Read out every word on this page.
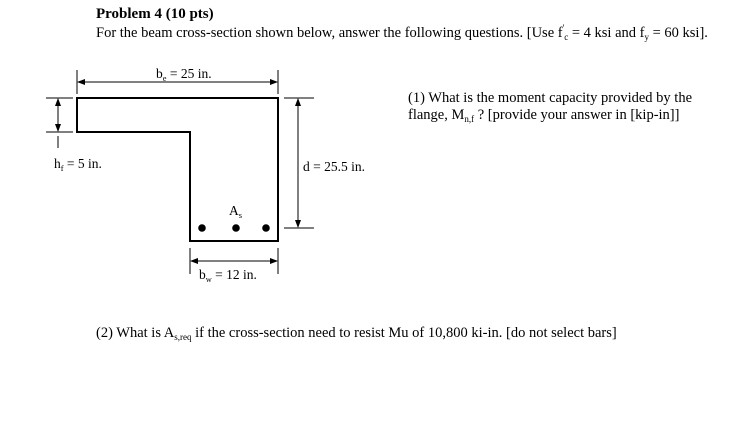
Problem 4 (10 pts)
For the beam cross-section shown below, answer the following questions. [Use $f'_c = 4$ ksi and $f_y = 60$ ksi].
(1) What is the moment capacity provided by the flange, $M_{n,f}$ ? [provide your answer in [kip-in]]
(2) What is $A_{s,req}$ if the cross-section need to resist Mu of 10,800 ki-in. [do not select bars]
$b_e = 25$ in.
$h_f = 5$ in.	d = 25.5 in.
$A_s$
$b_w = 12$ in.
